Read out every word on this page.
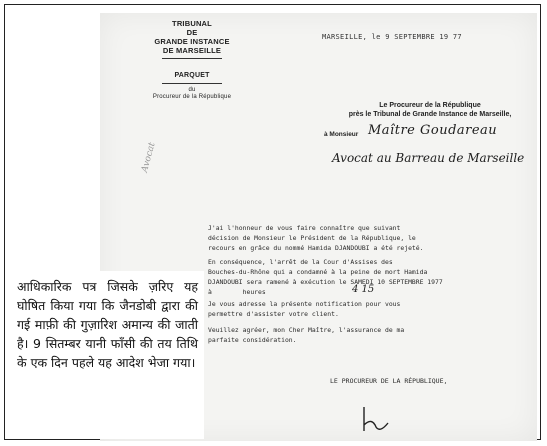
TRIBUNAL
DE
GRANDE INSTANCE
DE MARSEILLE
PARQUET
du
Procureur de la République
MARSEILLE, le 9 SEPTEMBRE 19 77
Avocat
Le Procureur de la République
près le Tribunal de Grande Instance de Marseille,
à Monsieur Maître Goudareau
Avocat au Barreau de Marseille
J'ai l'honneur de vous faire connaître que suivant
décision de Monsieur le Président de la République, le
recours en grâce du nommé Hamida DJANDOUBI a été rejeté.
En conséquence, l'arrêt de la Cour d'Assises des
Bouches-du-Rhône qui a condamné à la peine de mort Hamida
DJANDOUBI sera ramené à exécution le SAMEDI 10 SEPTEMBRE 1977
à        heures	4 15
Je vous adresse la présente notification pour vous
permettre d'assister votre client.
Veuillez agréer, mon Cher Maître, l'assurance de ma
parfaite considération.
LE PROCUREUR DE LA RÉPUBLIQUE,
आधिकारिक पत्र जिसके ज़रिए यह घोषित किया गया कि जैनडोबी द्वारा की गई माफ़ी की गुज़ारिश अमान्य की जाती है। 9 सितम्बर यानी फाँसी की तय तिथि के एक दिन पहले यह आदेश भेजा गया।
